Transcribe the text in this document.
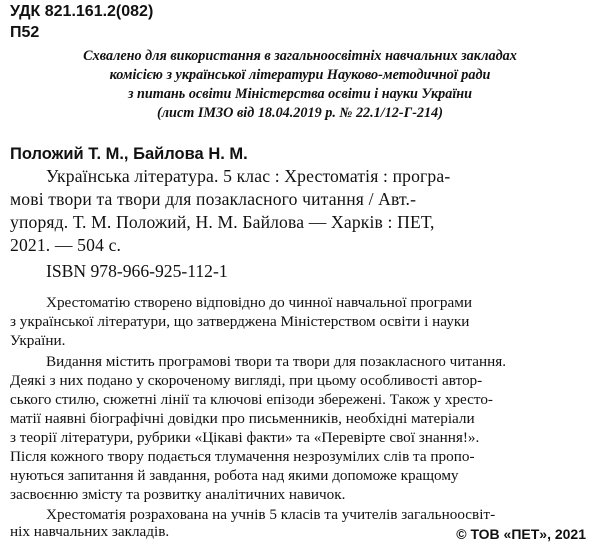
УДК 821.161.2(082)
П52
Схвалено для використання в загальноосвітніх навчальних закладах
комісією з української літератури Науково-методичної ради
з питань освіти Міністерства освіти і науки України
(лист ІМЗО від 18.04.2019 р. № 22.1/12-Г-214)
Положий Т. М., Байлова Н. М.
Українська література. 5 клас : Хрестоматія : програ-
мові твори та твори для позакласного читання / Авт.-
упоряд. Т. М. Положий, Н. М. Байлова — Харків : ПЕТ,
2021. — 504 с.
ISBN 978-966-925-112-1
Хрестоматію створено відповідно до чинної навчальної програми
з української літератури, що затверджена Міністерством освіти і науки
України.
Видання містить програмові твори та твори для позакласного читання.
Деякі з них подано у скороченому вигляді, при цьому особливості автор-
ського стилю, сюжетні лінії та ключові епізоди збережені. Також у хресто-
матії наявні біографічні довідки про письменників, необхідні матеріали
з теорії літератури, рубрики «Цікаві факти» та «Перевірте свої знання!».
Після кожного твору подається тлумачення незрозумілих слів та пропо-
нуються запитання й завдання, робота над якими допоможе кращому
засвоєнню змісту та розвитку аналітичних навичок.
Хрестоматія розрахована на учнів 5 класів та учителів загальноосвіт-
ніх навчальних закладів.	© ТОВ «ПЕТ», 2021
